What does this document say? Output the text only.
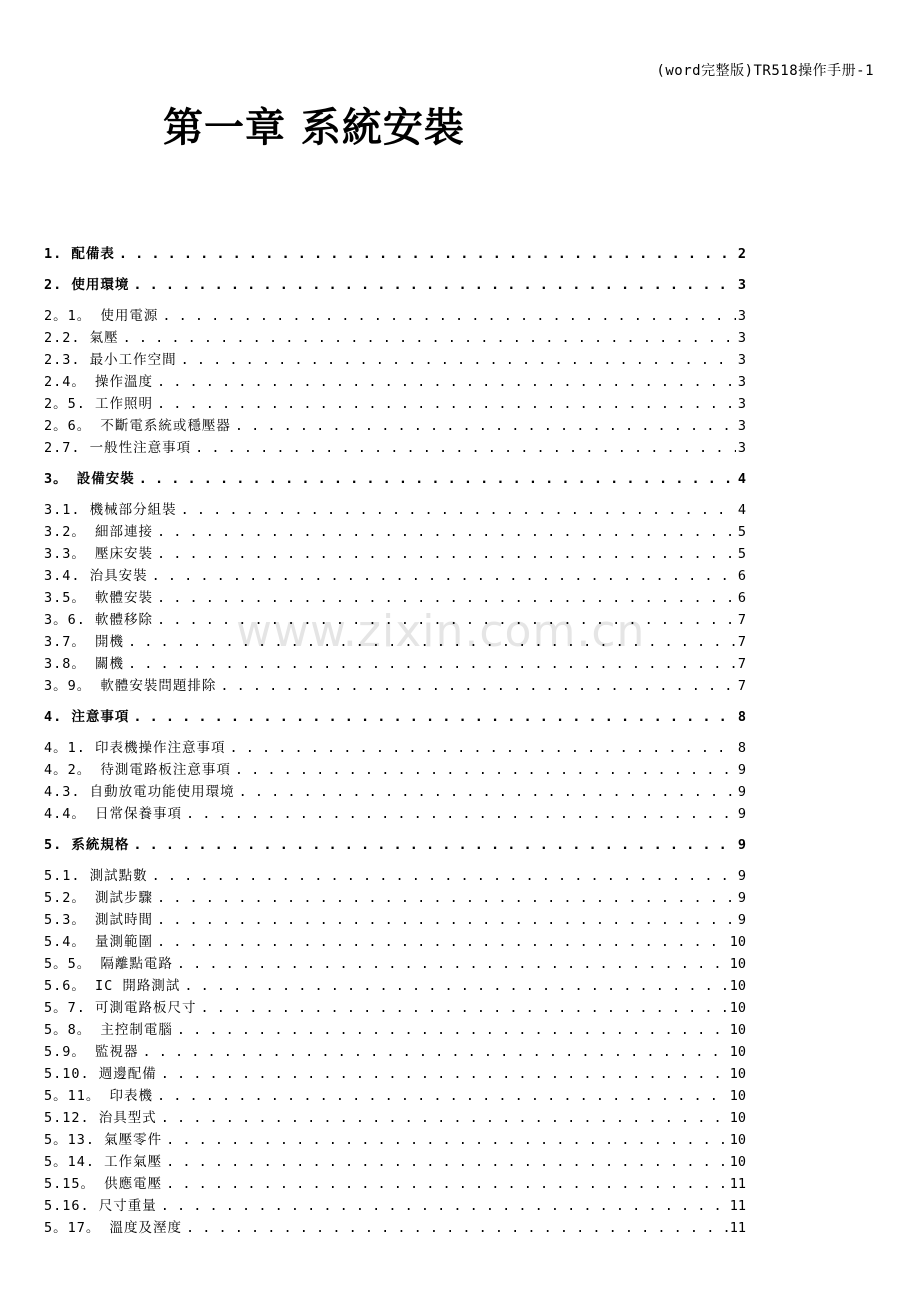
(word完整版)TR518操作手册-1
第一章 系統安裝
www.zixin.com.cn
1. 配備表 . . .	2
2. 使用環境 . . .	3
2。1。 使用電源 . . .	3
2.2. 氣壓 . . .	3
2.3. 最小工作空間 . . .	3
2.4。 操作溫度 . . .	3
2。5. 工作照明 . . .	3
2。6。 不斷電系統或穩壓器 . . .	3
2.7. 一般性注意事項 . . .	3
3。 設備安裝 . . .	4
3.1. 機械部分組裝 . . .	4
3.2。 細部連接 . . .	5
3.3。 壓床安裝 . . .	5
3.4. 治具安裝 . . .	6
3.5。 軟體安裝 . . .	6
3。6. 軟體移除 . . .	7
3.7。 開機 . . .	7
3.8。 關機 . . .	7
3。9。 軟體安裝問題排除 . . .	7
4. 注意事項 . . .	8
4。1. 印表機操作注意事項 . . .	8
4。2。 待測電路板注意事項 . . .	9
4.3. 自動放電功能使用環境 . . .	9
4.4。 日常保養事項 . . .	9
5. 系統規格 . . .	9
5.1. 測試點數 . . .	9
5.2。 測試步驟 . . .	9
5.3。 測試時間 . . .	9
5.4。 量測範圍 . . .	10
5。5。 隔離點電路 . . .	10
5.6。 IC 開路測試 . . .	10
5。7. 可測電路板尺寸 . . .	10
5。8。 主控制電腦 . . .	10
5.9。 監視器 . . .	10
5.10. 週邊配備 . . .	10
5。11。 印表機 . . .	10
5.12. 治具型式 . . .	10
5。13. 氣壓零件 . . .	10
5。14. 工作氣壓 . . .	10
5.15。 供應電壓 . . .	11
5.16. 尺寸重量 . . .	11
5。17。 溫度及溼度 . . .	11
